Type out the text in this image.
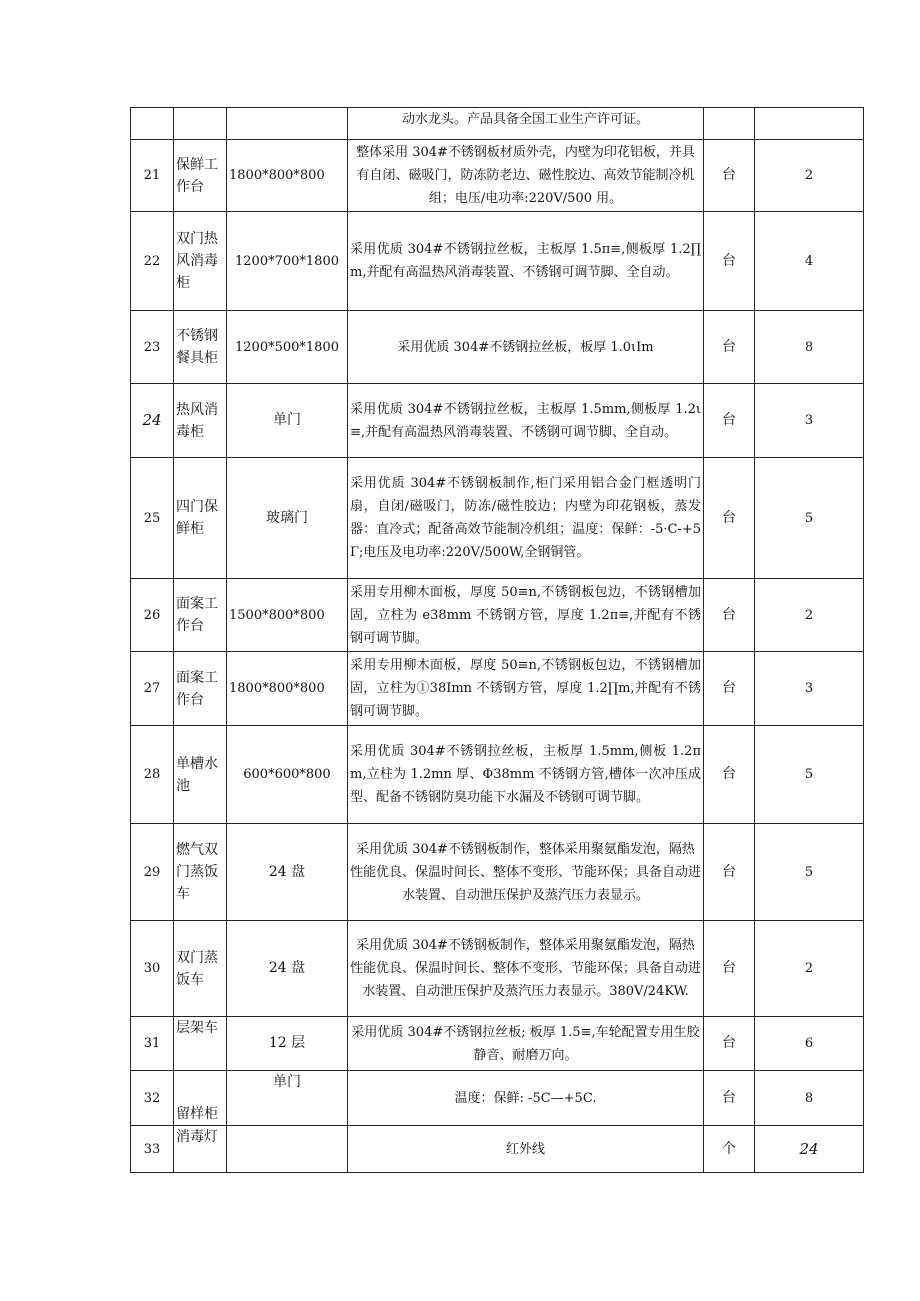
			动水龙头。产品具备全国工业生产许可证。		
21	保鲜工作台	1800*800*800	整体采用 304#不锈钢板材质外壳，内壁为印花铝板，并具有自闭、磁吸门，防冻防老边、磁性胶边、高效节能制冷机组；电压/电功率:220V/500 用。	台	2
22	双门热风消毒柜	1200*700*1800	采用优质 304#不锈钢拉丝板，主板厚 1.5π≡,侧板厚 1.2∏m,并配有高温热风消毒装置、不锈钢可调节脚、全自动。	台	4
23	不锈钢餐具柜	1200*500*1800	采用优质 304#不锈钢拉丝板，板厚 1.0ιIm	台	8
24	热风消毒柜	单门	采用优质 304#不锈钢拉丝板，主板厚 1.5mm,侧板厚 1.2ι≡,并配有高温热风消毒装置、不锈钢可调节脚、全自动。	台	3
25	四门保鲜柜	玻璃门	采用优质 304#不锈钢板制作,柜门采用铝合金门框透明门扇，自闭/磁吸门，防冻/磁性胶边；内壁为印花钢板，蒸发器：直冷式；配备高效节能制冷机组；温度：保鲜：-5·C-+5Γ;电压及电功率:220V/500W,全钢铜管。	台	5
26	面案工作台	1500*800*800	采用专用柳木面板，厚度 50≡n,不锈钢板包边，不锈钢槽加固，立柱为 e38mm 不锈钢方管，厚度 1.2π≡,并配有不锈钢可调节脚。	台	2
27	面案工作台	1800*800*800	采用专用柳木面板，厚度 50≡n,不锈钢板包边，不锈钢槽加固，立柱为①38Imn 不锈钢方管，厚度 1.2∏m,并配有不锈钢可调节脚。	台	3
28	单槽水池	600*600*800	采用优质 304#不锈钢拉丝板，主板厚 1.5mm,侧板 1.2πm,立柱为 1.2mn 厚、Φ38mm 不锈钢方管,槽体一次冲压成型、配备不锈钢防臭功能下水漏及不锈钢可调节脚。	台	5
29	燃气双门蒸饭车	24 盘	采用优质 304#不锈钢板制作，整体采用聚氨酯发泡，隔热性能优良、保温时间长、整体不变形、节能环保；具备自动进水装置、自动泄压保护及蒸汽压力表显示。	台	5
30	双门蒸饭车	24 盘	采用优质 304#不锈钢板制作，整体采用聚氨酯发泡，隔热性能优良、保温时间长、整体不变形、节能环保；具备自动进水装置、自动泄压保护及蒸汽压力表显示。380V/24KW.	台	2
31	层架车	12 层	采用优质 304#不锈钢拉丝板; 板厚 1.5≡,车轮配置专用生胶静音、耐磨万向。	台	6
32	留样柜	单门	温度：保鲜: -5C—+5C.	台	8
33	消毒灯		红外线	个	24
